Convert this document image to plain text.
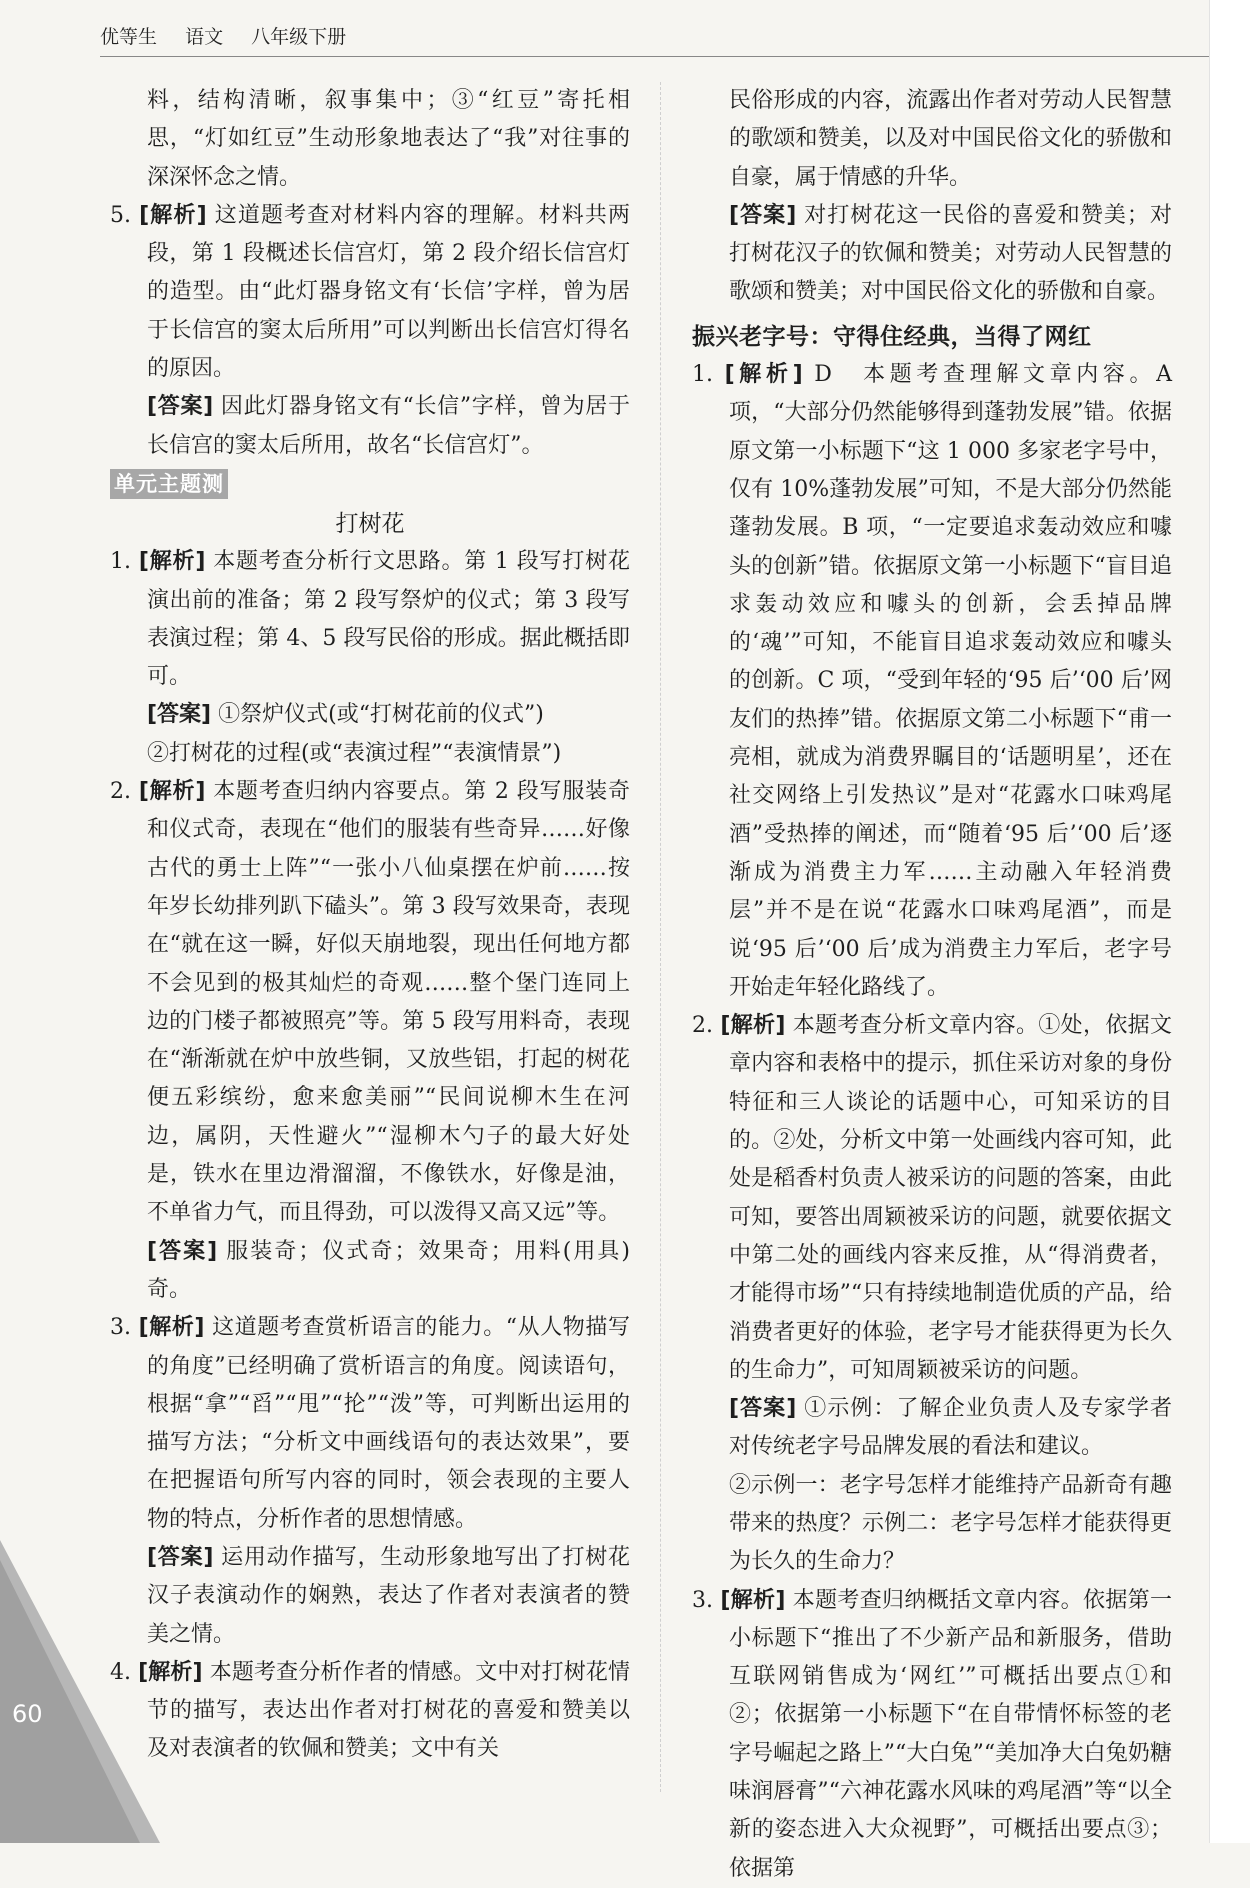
优等生 语文 八年级下册

料，结构清晰，叙事集中；③“红豆”寄托相思，“灯如红豆”生动形象地表达了“我”对往事的深深怀念之情。

5. [解析] 这道题考查对材料内容的理解。材料共两段，第 1 段概述长信宫灯，第 2 段介绍长信宫灯的造型。由“此灯器身铭文有‘长信’字样，曾为居于长信宫的窦太后所用”可以判断出长信宫灯得名的原因。

[答案] 因此灯器身铭文有“长信”字样，曾为居于长信宫的窦太后所用，故名“长信宫灯”。

单元主题测

打树花

1. [解析] 本题考查分析行文思路。第 1 段写打树花演出前的准备；第 2 段写祭炉的仪式；第 3 段写表演过程；第 4、5 段写民俗的形成。据此概括即可。

[答案] ①祭炉仪式(或“打树花前的仪式”)

②打树花的过程(或“表演过程”“表演情景”)

2. [解析] 本题考查归纳内容要点。第 2 段写服装奇和仪式奇，表现在“他们的服装有些奇异……好像古代的勇士上阵”“一张小八仙桌摆在炉前……按年岁长幼排列趴下磕头”。第 3 段写效果奇，表现在“就在这一瞬，好似天崩地裂，现出任何地方都不会见到的极其灿烂的奇观……整个堡门连同上边的门楼子都被照亮”等。第 5 段写用料奇，表现在“渐渐就在炉中放些铜，又放些铝，打起的树花便五彩缤纷，愈来愈美丽”“民间说柳木生在河边，属阴，天性避火”“湿柳木勺子的最大好处是，铁水在里边滑溜溜，不像铁水，好像是油，不单省力气，而且得劲，可以泼得又高又远”等。

[答案] 服装奇；仪式奇；效果奇；用料(用具)奇。

3. [解析] 这道题考查赏析语言的能力。“从人物描写的角度”已经明确了赏析语言的角度。阅读语句，根据“拿”“舀”“甩”“抡”“泼”等，可判断出运用的描写方法；“分析文中画线语句的表达效果”，要在把握语句所写内容的同时，领会表现的主要人物的特点，分析作者的思想情感。

[答案] 运用动作描写，生动形象地写出了打树花汉子表演动作的娴熟，表达了作者对表演者的赞美之情。

4. [解析] 本题考查分析作者的情感。文中对打树花情节的描写，表达出作者对打树花的喜爱和赞美以及对表演者的钦佩和赞美；文中有关

民俗形成的内容，流露出作者对劳动人民智慧的歌颂和赞美，以及对中国民俗文化的骄傲和自豪，属于情感的升华。

[答案] 对打树花这一民俗的喜爱和赞美；对打树花汉子的钦佩和赞美；对劳动人民智慧的歌颂和赞美；对中国民俗文化的骄傲和自豪。

振兴老字号：守得住经典，当得了网红

1. [解析] D　本题考查理解文章内容。A 项，“大部分仍然能够得到蓬勃发展”错。依据原文第一小标题下“这 1 000 多家老字号中，仅有 10%蓬勃发展”可知，不是大部分仍然能蓬勃发展。B 项，“一定要追求轰动效应和噱头的创新”错。依据原文第一小标题下“盲目追求轰动效应和噱头的创新，会丢掉品牌的‘魂’”可知，不能盲目追求轰动效应和噱头的创新。C 项，“受到年轻的‘95 后’‘00 后’网友们的热捧”错。依据原文第二小标题下“甫一亮相，就成为消费界瞩目的‘话题明星’，还在社交网络上引发热议”是对“花露水口味鸡尾酒”受热捧的阐述，而“随着‘95 后’‘00 后’逐渐成为消费主力军……主动融入年轻消费层”并不是在说“花露水口味鸡尾酒”，而是说‘95 后’‘00 后’成为消费主力军后，老字号开始走年轻化路线了。

2. [解析] 本题考查分析文章内容。①处，依据文章内容和表格中的提示，抓住采访对象的身份特征和三人谈论的话题中心，可知采访的目的。②处，分析文中第一处画线内容可知，此处是稻香村负责人被采访的问题的答案，由此可知，要答出周颖被采访的问题，就要依据文中第二处的画线内容来反推，从“得消费者，才能得市场”“只有持续地制造优质的产品，给消费者更好的体验，老字号才能获得更为长久的生命力”，可知周颖被采访的问题。

[答案] ①示例：了解企业负责人及专家学者对传统老字号品牌发展的看法和建议。

②示例一：老字号怎样才能维持产品新奇有趣带来的热度？示例二：老字号怎样才能获得更为长久的生命力？

3. [解析] 本题考查归纳概括文章内容。依据第一小标题下“推出了不少新产品和新服务，借助互联网销售成为‘网红’”可概括出要点①和②；依据第一小标题下“在自带情怀标签的老字号崛起之路上”“大白兔”“美加净大白兔奶糖味润唇膏”“六神花露水风味的鸡尾酒”等“以全新的姿态进入大众视野”，可概括出要点③；依据第

60
